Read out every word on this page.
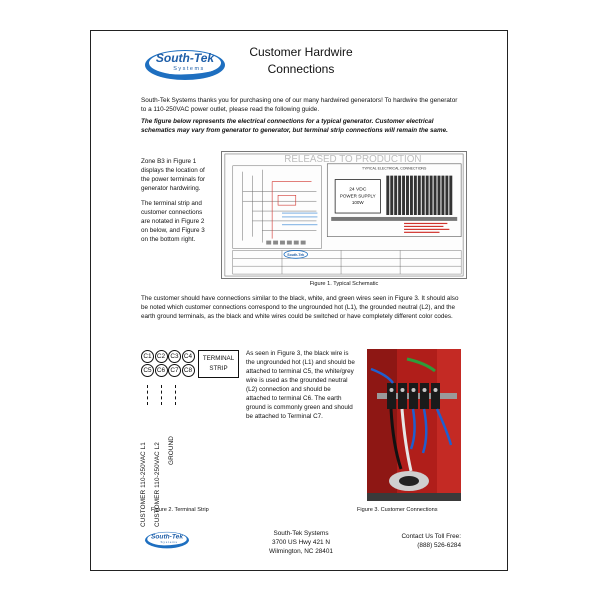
South-Tek
Systems
Customer Hardwire
Connections

South-Tek Systems thanks you for purchasing one of our many hardwired generators! To hardwire the generator to a 110-250VAC power outlet, please read the following guide.

The figure below represents the electrical connections for a typical generator. Customer electrical schematics may vary from generator to generator, but terminal strip connections will remain the same.

Zone B3 in Figure 1 displays the location of the power terminals for generator hardwiring.

The terminal strip and customer connections are notated in Figure 2 on below, and Figure 3 on the bottom right.

RELEASED TO PRODUCTION
TYPICAL ELECTRICAL CONNECTIONS
24 VDC
POWER SUPPLY
100W
South-Tek
Figure 1. Typical Schematic

The customer should have connections similar to the black, white, and green wires seen in Figure 3. It should also be noted which customer connections correspond to the ungrounded hot (L1), the grounded neutral (L2), and the earth ground terminals, as the black and white wires could be switched or have completely different color codes.

C1 C2 C3 C4
C5 C6 C7 C8
TERMINAL
STRIP
CUSTOMER 110-250VAC L1 CUSTOMER 110-250VAC L2 GROUND
Figure 2. Terminal Strip

As seen in Figure 3, the black wire is the ungrounded hot (L1) and should be attached to terminal C5, the white/grey wire is used as the grounded neutral (L2) connection and should be attached to terminal C6. The earth ground is commonly green and should be attached to Terminal C7.

Figure 3. Customer Connections
South-Tek
Systems
South-Tek Systems
3700 US Hwy 421 N
Wilmington, NC 28401
Contact Us Toll Free:
(888) 526-6284
